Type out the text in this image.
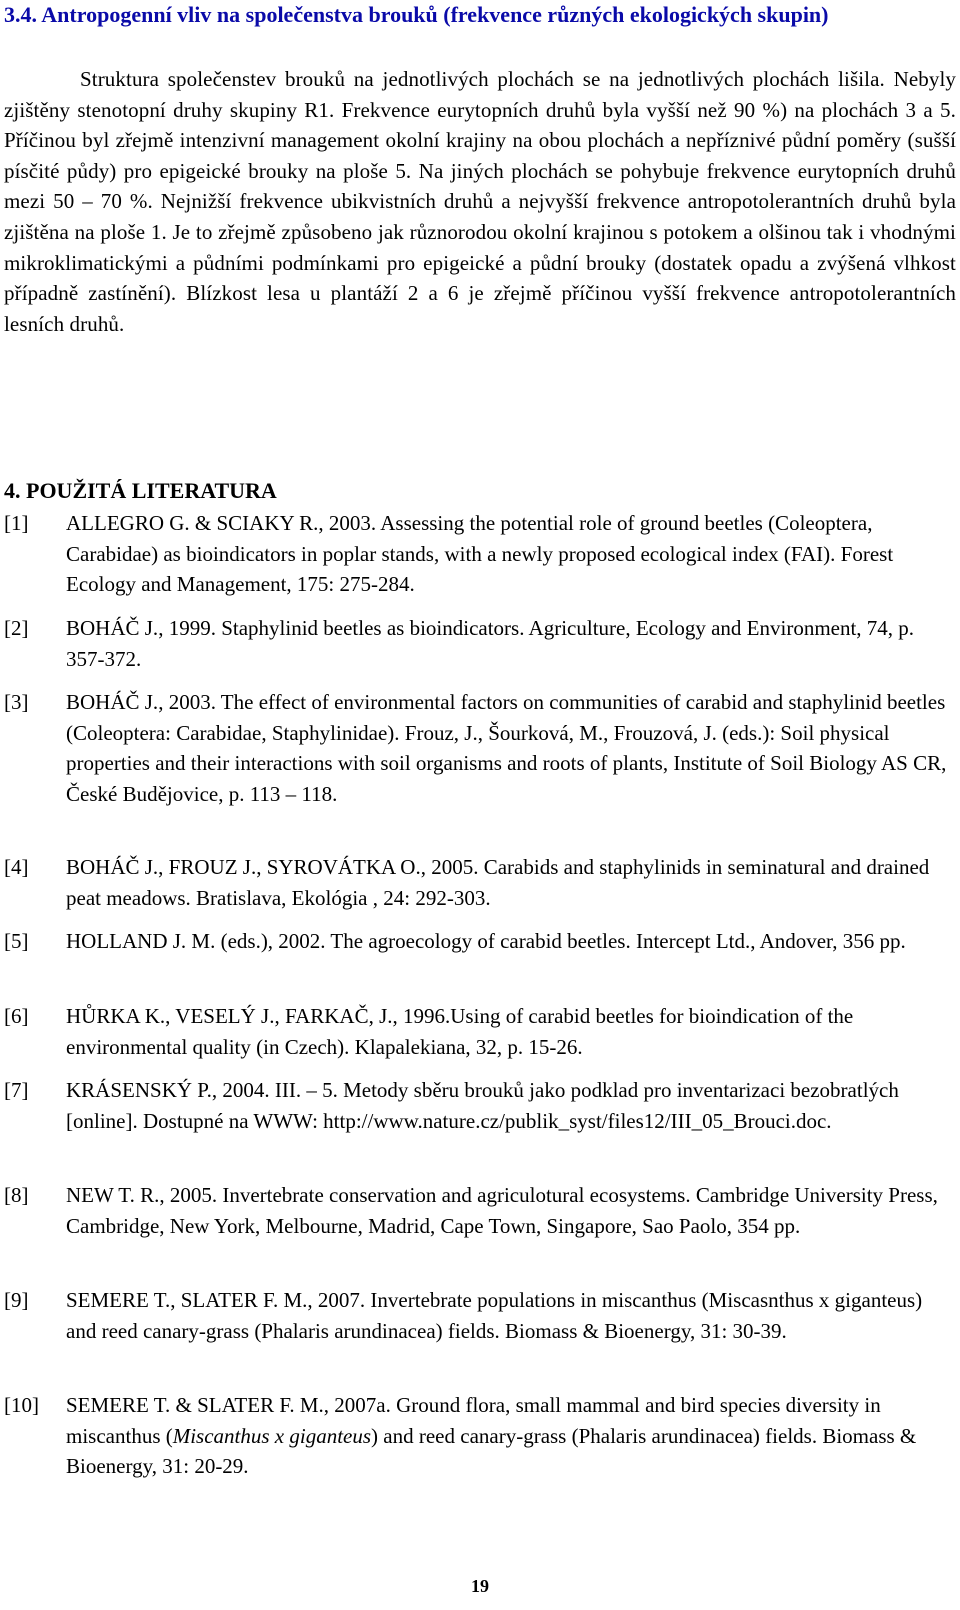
3.4. Antropogenní vliv na společenstva brouků (frekvence různých ekologických skupin)
Struktura společenstev brouků na jednotlivých plochách se na jednotlivých plochách lišila. Nebyly zjištěny stenotopní druhy skupiny R1. Frekvence eurytopních druhů byla vyšší než 90 %) na plochách 3 a 5. Příčinou byl zřejmě intenzivní management okolní krajiny na obou plochách a nepříznivé půdní poměry (sušší písčité půdy) pro epigeické brouky na ploše 5. Na jiných plochách se pohybuje frekvence eurytopních druhů mezi 50 – 70 %. Nejnižší frekvence ubikvistních druhů a nejvyšší frekvence antropotolerantních druhů byla zjištěna na ploše 1. Je to zřejmě způsobeno jak různorodou okolní krajinou s potokem a olšinou tak i vhodnými mikroklimatickými a půdními podmínkami pro epigeické a půdní brouky (dostatek opadu a zvýšená vlhkost případně zastínění). Blízkost lesa u plantáží 2 a 6 je zřejmě příčinou vyšší frekvence antropotolerantních lesních druhů.
4. POUŽITÁ LITERATURA
[1]	ALLEGRO G. & SCIAKY R., 2003. Assessing the potential role of ground beetles (Coleoptera, Carabidae) as bioindicators in poplar stands, with a newly proposed ecological index (FAI). Forest Ecology and Management, 175: 275-284.
[2]	BOHÁČ J., 1999. Staphylinid beetles as bioindicators. Agriculture, Ecology and Environment, 74, p. 357-372.
[3]	BOHÁČ J., 2003. The effect of environmental factors on communities of carabid and staphylinid beetles (Coleoptera: Carabidae, Staphylinidae). Frouz, J., Šourková, M., Frouzová, J. (eds.): Soil physical properties and their interactions with soil organisms and roots of plants, Institute of Soil Biology AS CR, České Budějovice, p. 113 – 118.
[4]	BOHÁČ J., FROUZ J., SYROVÁTKA O., 2005. Carabids and staphylinids in seminatural and drained peat meadows. Bratislava, Ekológia , 24: 292-303.
[5]	HOLLAND J. M. (eds.), 2002. The agroecology of carabid beetles. Intercept Ltd., Andover, 356 pp.
[6]	HŮRKA K., VESELÝ J., FARKAČ, J., 1996.Using of carabid beetles for bioindication of the environmental quality (in Czech). Klapalekiana, 32, p. 15-26.
[7]	KRÁSENSKÝ P., 2004. III. – 5. Metody sběru brouků jako podklad pro inventarizaci bezobratlých [online]. Dostupné na WWW: http://www.nature.cz/publik_syst/files12/III_05_Brouci.doc.
[8]	NEW T. R., 2005. Invertebrate conservation and agriculotural ecosystems. Cambridge University Press, Cambridge, New York, Melbourne, Madrid, Cape Town, Singapore, Sao Paolo, 354 pp.
[9]	SEMERE T., SLATER F. M., 2007. Invertebrate populations in miscanthus (Miscasnthus x giganteus) and reed canary-grass (Phalaris arundinacea) fields. Biomass & Bioenergy, 31: 30-39.
[10]	SEMERE T. & SLATER F. M., 2007a. Ground flora, small mammal and bird species diversity in miscanthus (Miscanthus x giganteus) and reed canary-grass (Phalaris arundinacea) fields. Biomass & Bioenergy, 31: 20-29.
19
